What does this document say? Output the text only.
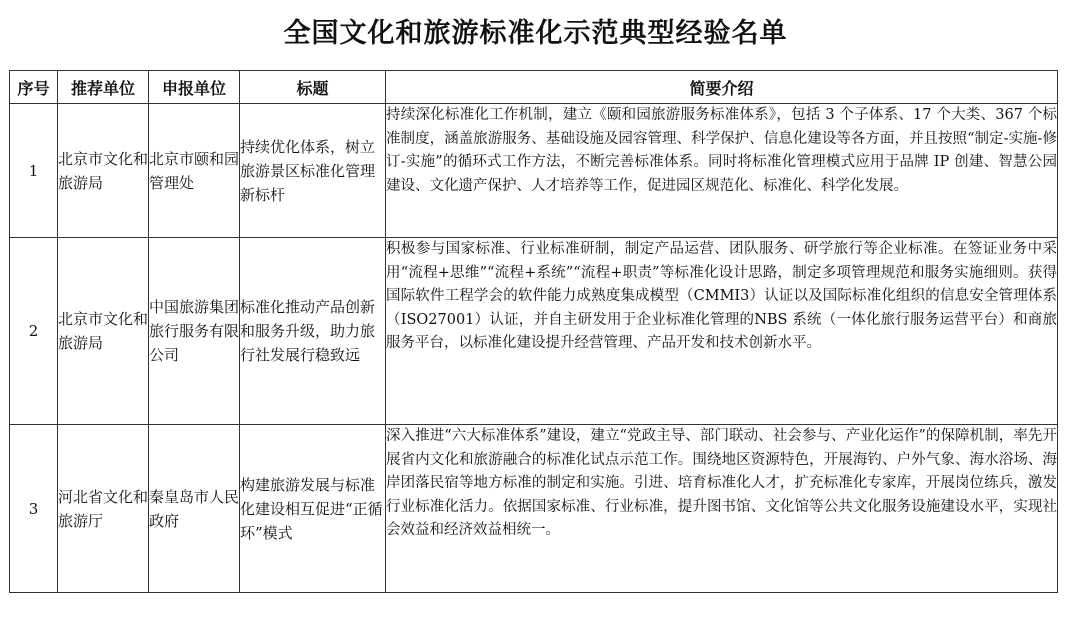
全国文化和旅游标准化示范典型经验名单
序号	推荐单位	申报单位	标题	简要介绍
1	北京市文化和旅游局	北京市颐和园管理处	持续优化体系，树立旅游景区标准化管理新标杆	持续深化标准化工作机制，建立《颐和园旅游服务标准体系》，包括 3 个子体系、17 个大类、367 个标准制度，涵盖旅游服务、基础设施及园容管理、科学保护、信息化建设等各方面，并且按照“制定-实施-修订-实施”的循环式工作方法，不断完善标准体系。同时将标准化管理模式应用于品牌 IP 创建、智慧公园建设、文化遗产保护、人才培养等工作，促进园区规范化、标准化、科学化发展。
2	北京市文化和旅游局	中国旅游集团旅行服务有限公司	标准化推动产品创新和服务升级，助力旅行社发展行稳致远	积极参与国家标准、行业标准研制，制定产品运营、团队服务、研学旅行等企业标准。在签证业务中采用“流程+思维”“流程+系统”“流程+职责”等标准化设计思路，制定多项管理规范和服务实施细则。获得国际软件工程学会的软件能力成熟度集成模型（CMMI3）认证以及国际标准化组织的信息安全管理体系（ISO27001）认证，并自主研发用于企业标准化管理的NBS 系统（一体化旅行服务运营平台）和商旅服务平台，以标准化建设提升经营管理、产品开发和技术创新水平。
3	河北省文化和旅游厅	秦皇岛市人民政府	构建旅游发展与标准化建设相互促进“正循环”模式	深入推进“六大标准体系”建设，建立“党政主导、部门联动、社会参与、产业化运作”的保障机制，率先开展省内文化和旅游融合的标准化试点示范工作。围绕地区资源特色，开展海钓、户外气象、海水浴场、海岸团落民宿等地方标准的制定和实施。引进、培育标准化人才，扩充标准化专家库，开展岗位练兵，激发行业标准化活力。依据国家标准、行业标准，提升图书馆、文化馆等公共文化服务设施建设水平，实现社会效益和经济效益相统一。
